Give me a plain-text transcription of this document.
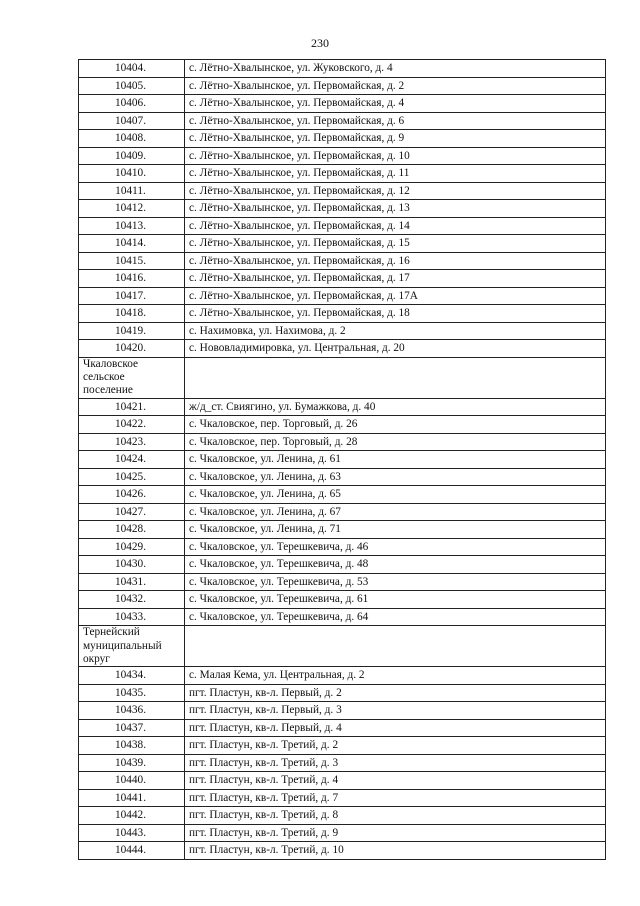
230
10404.	с. Лётно-Хвалынское, ул. Жуковского, д. 4
10405.	с. Лётно-Хвалынское, ул. Первомайская, д. 2
10406.	с. Лётно-Хвалынское, ул. Первомайская, д. 4
10407.	с. Лётно-Хвалынское, ул. Первомайская, д. 6
10408.	с. Лётно-Хвалынское, ул. Первомайская, д. 9
10409.	с. Лётно-Хвалынское, ул. Первомайская, д. 10
10410.	с. Лётно-Хвалынское, ул. Первомайская, д. 11
10411.	с. Лётно-Хвалынское, ул. Первомайская, д. 12
10412.	с. Лётно-Хвалынское, ул. Первомайская, д. 13
10413.	с. Лётно-Хвалынское, ул. Первомайская, д. 14
10414.	с. Лётно-Хвалынское, ул. Первомайская, д. 15
10415.	с. Лётно-Хвалынское, ул. Первомайская, д. 16
10416.	с. Лётно-Хвалынское, ул. Первомайская, д. 17
10417.	с. Лётно-Хвалынское, ул. Первомайская, д. 17А
10418.	с. Лётно-Хвалынское, ул. Первомайская, д. 18
10419.	с. Нахимовка, ул. Нахимова, д. 2
10420.	с. Нововладимировка, ул. Центральная, д. 20
Чкаловское
сельское
поселение	
10421.	ж/д_ст. Свиягино, ул. Бумажкова, д. 40
10422.	с. Чкаловское, пер. Торговый, д. 26
10423.	с. Чкаловское, пер. Торговый, д. 28
10424.	с. Чкаловское, ул. Ленина, д. 61
10425.	с. Чкаловское, ул. Ленина, д. 63
10426.	с. Чкаловское, ул. Ленина, д. 65
10427.	с. Чкаловское, ул. Ленина, д. 67
10428.	с. Чкаловское, ул. Ленина, д. 71
10429.	с. Чкаловское, ул. Терешкевича, д. 46
10430.	с. Чкаловское, ул. Терешкевича, д. 48
10431.	с. Чкаловское, ул. Терешкевича, д. 53
10432.	с. Чкаловское, ул. Терешкевича, д. 61
10433.	с. Чкаловское, ул. Терешкевича, д. 64
Тернейский
муниципальный
округ	
10434.	с. Малая Кема, ул. Центральная, д. 2
10435.	пгт. Пластун, кв-л. Первый, д. 2
10436.	пгт. Пластун, кв-л. Первый, д. 3
10437.	пгт. Пластун, кв-л. Первый, д. 4
10438.	пгт. Пластун, кв-л. Третий, д. 2
10439.	пгт. Пластун, кв-л. Третий, д. 3
10440.	пгт. Пластун, кв-л. Третий, д. 4
10441.	пгт. Пластун, кв-л. Третий, д. 7
10442.	пгт. Пластун, кв-л. Третий, д. 8
10443.	пгт. Пластун, кв-л. Третий, д. 9
10444.	пгт. Пластун, кв-л. Третий, д. 10
